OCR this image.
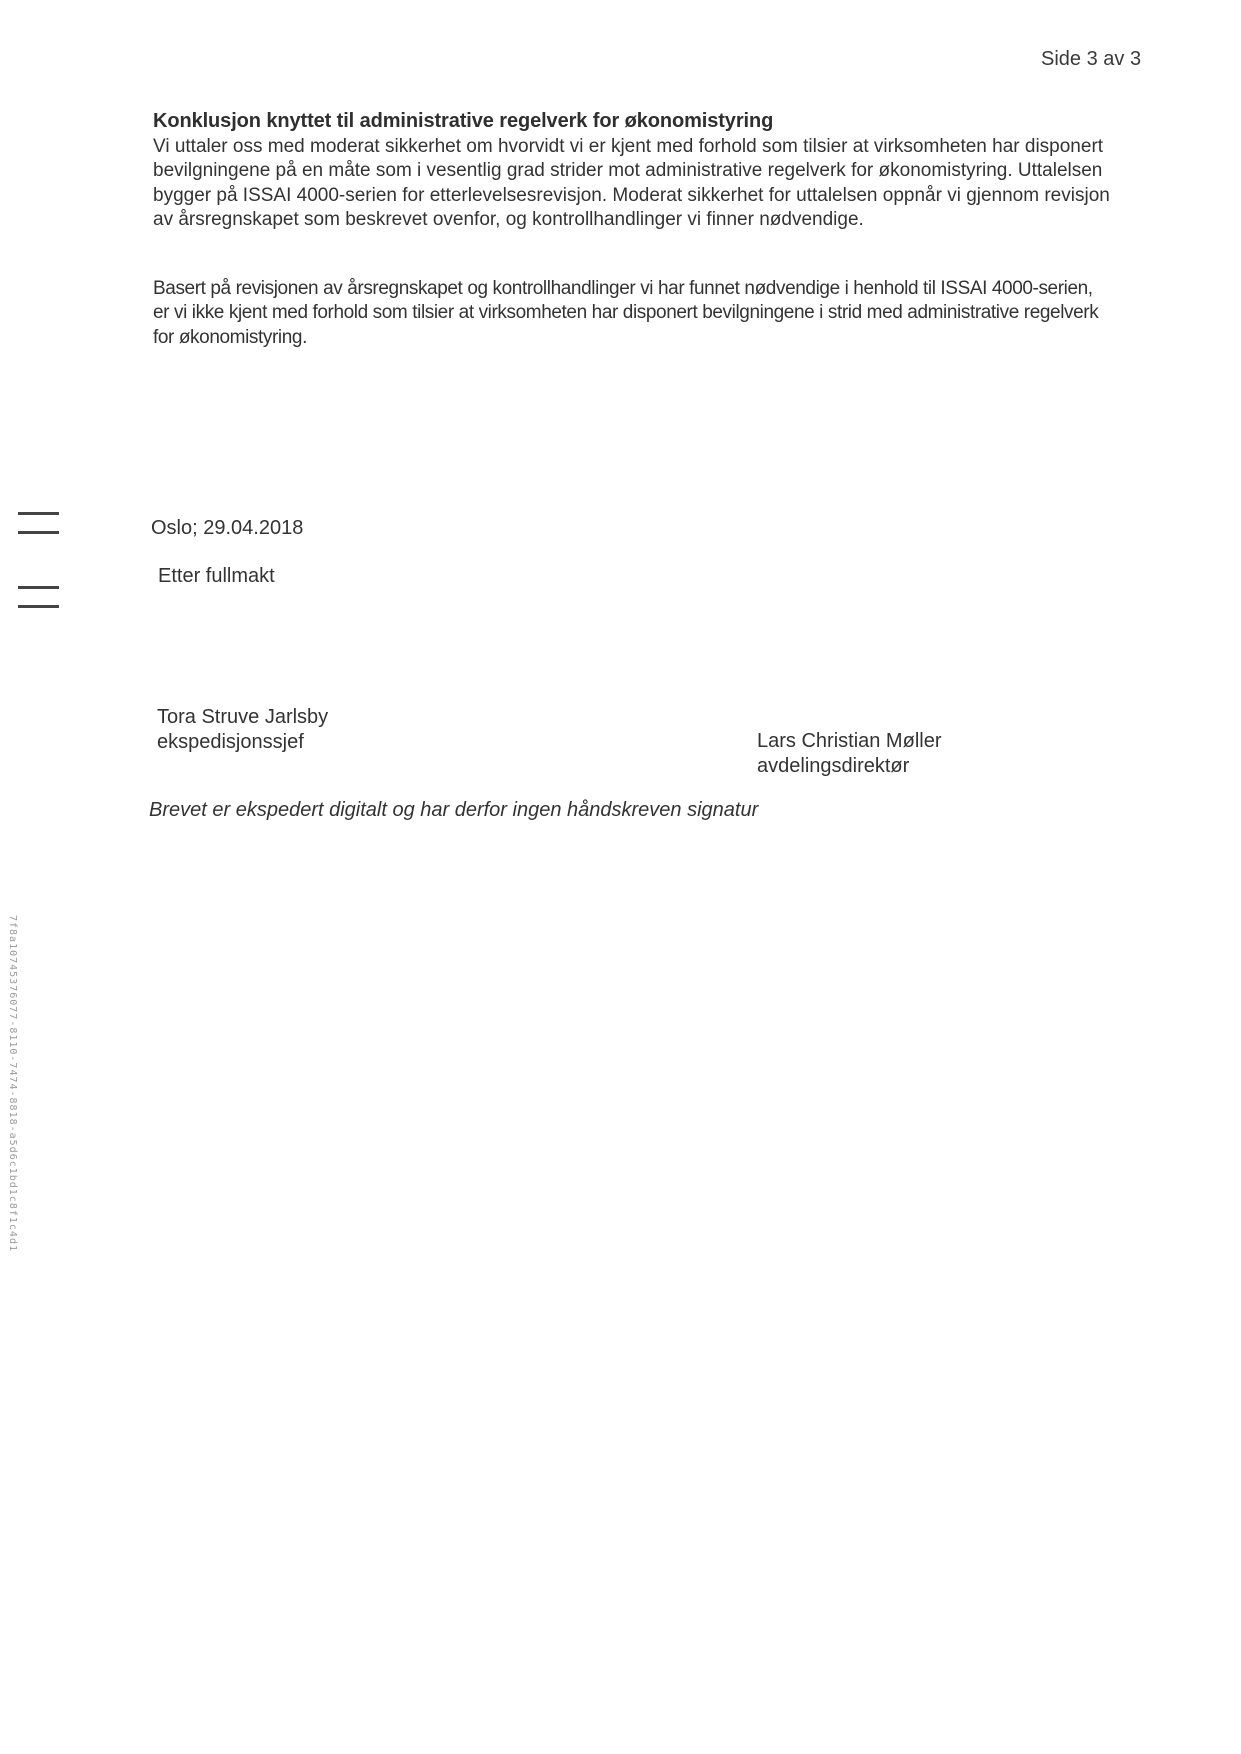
Side 3 av 3
Konklusjon knyttet til administrative regelverk for økonomistyring
Vi uttaler oss med moderat sikkerhet om hvorvidt vi er kjent med forhold som tilsier at virksomheten har disponert bevilgningene på en måte som i vesentlig grad strider mot administrative regelverk for økonomistyring. Uttalelsen bygger på ISSAI 4000-serien for etterlevelsesrevisjon. Moderat sikkerhet for uttalelsen oppnår vi gjennom revisjon av årsregnskapet som beskrevet ovenfor, og kontrollhandlinger vi finner nødvendige.
Basert på revisjonen av årsregnskapet og kontrollhandlinger vi har funnet nødvendige i henhold til ISSAI 4000-serien, er vi ikke kjent med forhold som tilsier at virksomheten har disponert bevilgningene i strid med administrative regelverk for økonomistyring.
Oslo; 29.04.2018
Etter fullmakt
Tora Struve Jarlsby
ekspedisjonssjef	Lars Christian Møller
avdelingsdirektør
Brevet er ekspedert digitalt og har derfor ingen håndskreven signatur
7f8a10745376077-8110-7474-8818-a5d6c1bd1c8f1c4d1
